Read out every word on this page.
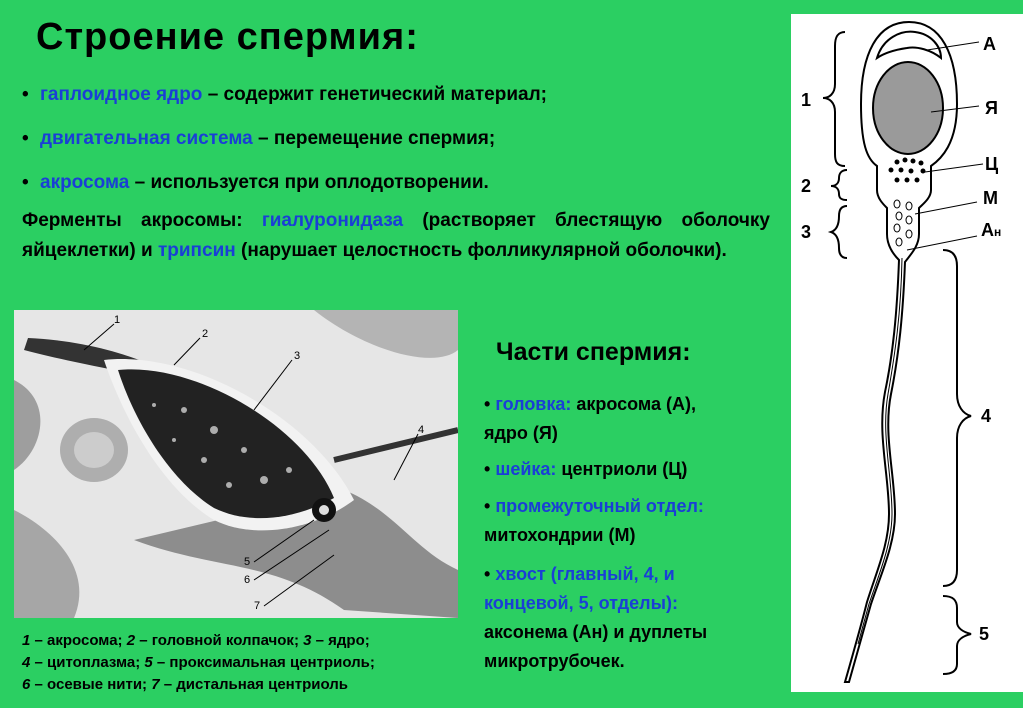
Строение спермия:
• гаплоидное ядро – содержит генетический материал;
• двигательная система – перемещение спермия;
• акросома – используется при оплодотворении.
Ферменты акросомы: гиалуронидаза (растворяет блестящую оболочку яйцеклетки) и трипсин (нарушает целостность фолликулярной оболочки).
1
2
3
4
5
6
7
1 – акросома; 2 – головной колпачок; 3 – ядро;
4 – цитоплазма; 5 – проксимальная центриоль;
6 – осевые нити; 7 – дистальная центриоль
Части спермия:
• головка: акросома (А),
ядро (Я)
• шейка: центриоли (Ц)
• промежуточный отдел:
митохондрии (М)
• хвост (главный, 4, и
концевой, 5, отделы):
аксонема (Ан) и дуплеты
микротрубочек.
А
Я
Ц
М
Ан
1
2
3
4
5
